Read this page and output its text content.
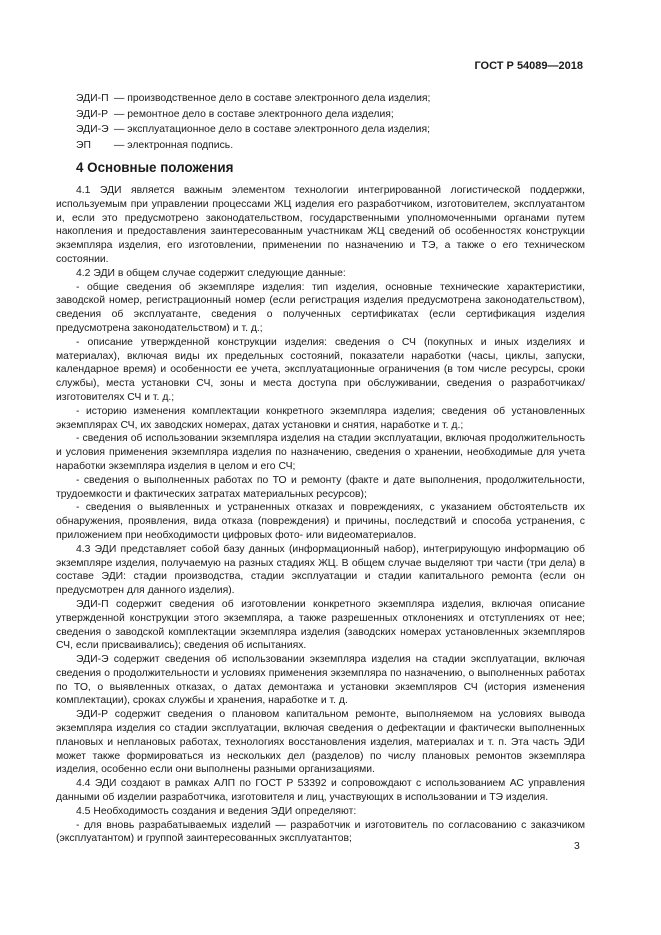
ГОСТ Р 54089—2018
ЭДИ-П — производственное дело в составе электронного дела изделия;
ЭДИ-Р — ремонтное дело в составе электронного дела изделия;
ЭДИ-Э — эксплуатационное дело в составе электронного дела изделия;
ЭП	— электронная подпись.
4 Основные положения

4.1 ЭДИ является важным элементом технологии интегрированной логистической поддержки, используемым при управлении процессами ЖЦ изделия его разработчиком, изготовителем, эксплуатантом и, если это предусмотрено законодательством, государственными уполномоченными органами путем накопления и предоставления заинтересованным участникам ЖЦ сведений об особенностях конструкции экземпляра изделия, его изготовлении, применении по назначению и ТЭ, а также о его техническом состоянии.

4.2 ЭДИ в общем случае содержит следующие данные:

- общие сведения об экземпляре изделия: тип изделия, основные технические характеристики, заводской номер, регистрационный номер (если регистрация изделия предусмотрена законодательством), сведения об эксплуатанте, сведения о полученных сертификатах (если сертификация изделия предусмотрена законодательством) и т. д.;

- описание утвержденной конструкции изделия: сведения о СЧ (покупных и иных изделиях и материалах), включая виды их предельных состояний, показатели наработки (часы, циклы, запуски, календарное время) и особенности ее учета, эксплуатационные ограничения (в том числе ресурсы, сроки службы), места установки СЧ, зоны и места доступа при обслуживании, сведения о разработчиках/изготовителях СЧ и т. д.;

- историю изменения комплектации конкретного экземпляра изделия; сведения об установленных экземплярах СЧ, их заводских номерах, датах установки и снятия, наработке и т. д.;

- сведения об использовании экземпляра изделия на стадии эксплуатации, включая продолжительность и условия применения экземпляра изделия по назначению, сведения о хранении, необходимые для учета наработки экземпляра изделия в целом и его СЧ;

- сведения о выполненных работах по ТО и ремонту (факте и дате выполнения, продолжительности, трудоемкости и фактических затратах материальных ресурсов);

- сведения о выявленных и устраненных отказах и повреждениях, с указанием обстоятельств их обнаружения, проявления, вида отказа (повреждения) и причины, последствий и способа устранения, с приложением при необходимости цифровых фото- или видеоматериалов.

4.3 ЭДИ представляет собой базу данных (информационный набор), интегрирующую информацию об экземпляре изделия, получаемую на разных стадиях ЖЦ. В общем случае выделяют три части (три дела) в составе ЭДИ: стадии производства, стадии эксплуатации и стадии капитального ремонта (если он предусмотрен для данного изделия).

ЭДИ-П содержит сведения об изготовлении конкретного экземпляра изделия, включая описание утвержденной конструкции этого экземпляра, а также разрешенных отклонениях и отступлениях от нее; сведения о заводской комплектации экземпляра изделия (заводских номерах установленных экземпляров СЧ, если присваивались); сведения об испытаниях.

ЭДИ-Э содержит сведения об использовании экземпляра изделия на стадии эксплуатации, включая сведения о продолжительности и условиях применения экземпляра по назначению, о выполненных работах по ТО, о выявленных отказах, о датах демонтажа и установки экземпляров СЧ (история изменения комплектации), сроках службы и хранения, наработке и т. д.

ЭДИ-Р содержит сведения о плановом капитальном ремонте, выполняемом на условиях вывода экземпляра изделия со стадии эксплуатации, включая сведения о дефектации и фактически выполненных плановых и неплановых работах, технологиях восстановления изделия, материалах и т. п. Эта часть ЭДИ может также формироваться из нескольких дел (разделов) по числу плановых ремонтов экземпляра изделия, особенно если они выполнены разными организациями.

4.4 ЭДИ создают в рамках АЛП по ГОСТ Р 53392 и сопровождают с использованием АС управления данными об изделии разработчика, изготовителя и лиц, участвующих в использовании и ТЭ изделия.

4.5 Необходимость создания и ведения ЭДИ определяют:

- для вновь разрабатываемых изделий — разработчик и изготовитель по согласованию с заказчиком (эксплуатантом) и группой заинтересованных эксплуатантов;

3
